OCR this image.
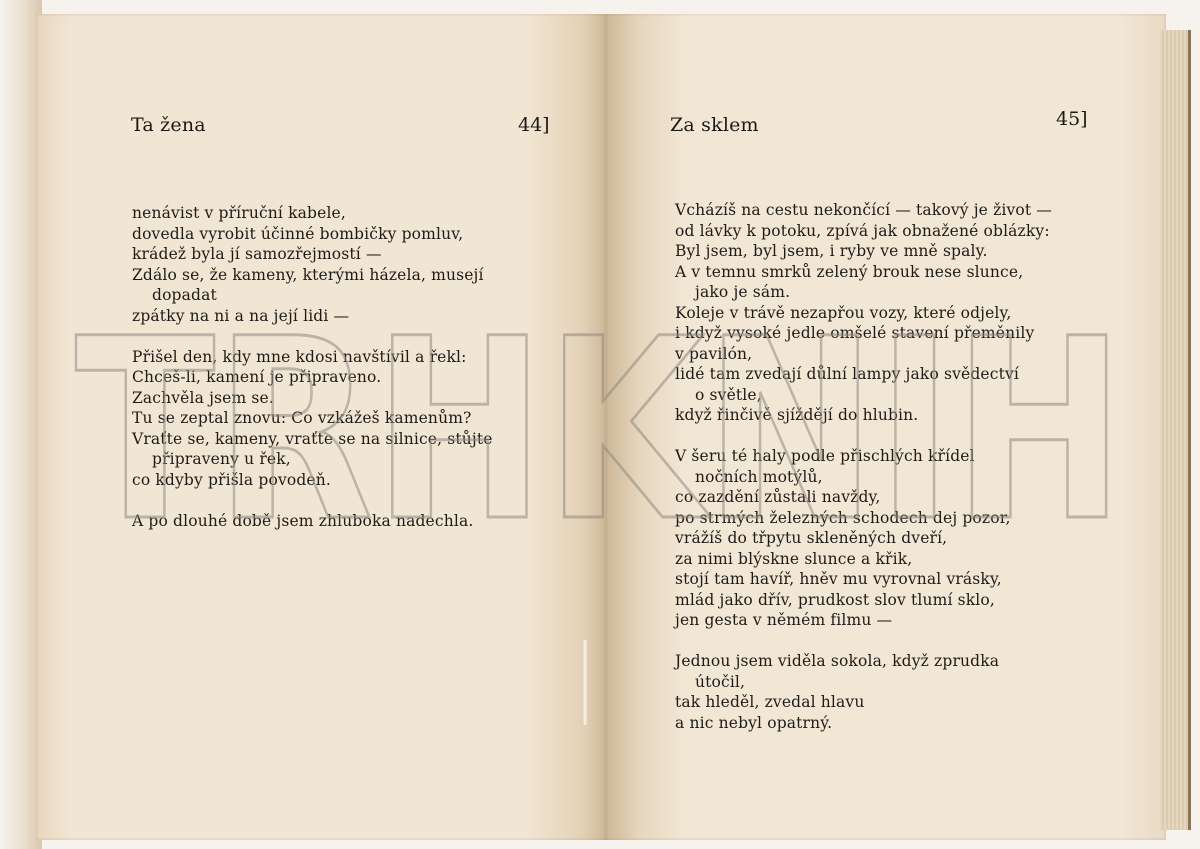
Ta žena	44]
nenávist v příruční kabele,
dovedla vyrobit účinné bombičky pomluv,
krádež byla jí samozřejmostí —
Zdálo se, že kameny, kterými házela, musejí
dopadat
zpátky na ni a na její lidi —
Přišel den, kdy mne kdosi navštívil a řekl:
Chceš-li, kamení je připraveno.
Zachvěla jsem se.
Tu se zeptal znovu: Co vzkážeš kamenům?
Vraťte se, kameny, vraťte se na silnice, stůjte
připraveny u řek,
co kdyby přišla povodeň.
A po dlouhé době jsem zhluboka nadechla.
Za sklem	45]
Vcházíš na cestu nekončící — takový je život —
od lávky k potoku, zpívá jak obnažené oblázky:
Byl jsem, byl jsem, i ryby ve mně spaly.
A v temnu smrků zelený brouk nese slunce,
jako je sám.
Koleje v trávě nezapřou vozy, které odjely,
i když vysoké jedle omšelé stavení přeměnily
v pavilón,
lidé tam zvedají důlní lampy jako svědectví
o světle,
když řinčivě sjíždějí do hlubin.
V šeru té haly podle přischlých křídel
nočních motýlů,
co zazdění zůstali navždy,
po strmých železných schodech dej pozor,
vrážíš do třpytu skleněných dveří,
za nimi blýskne slunce a křik,
stojí tam havíř, hněv mu vyrovnal vrásky,
mlád jako dřív, prudkost slov tlumí sklo,
jen gesta v němém filmu —
Jednou jsem viděla sokola, když zprudka
útočil,
tak hleděl, zvedal hlavu
a nic nebyl opatrný.
TRHKNIH
